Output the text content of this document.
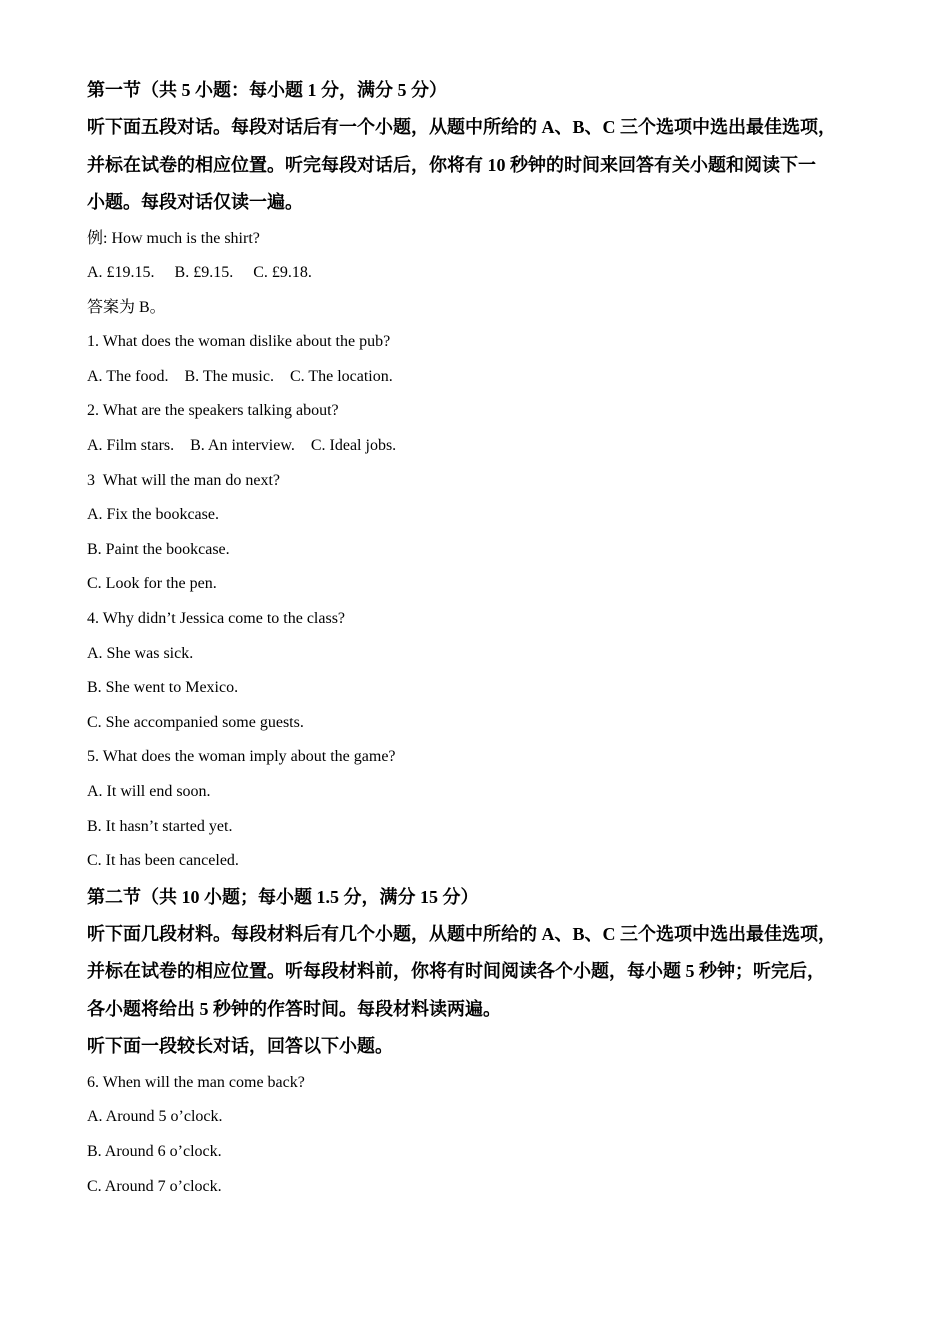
第一节（共 5 小题：每小题 1 分，满分 5 分）

听下面五段对话。每段对话后有一个小题，从题中所给的 A、B、C 三个选项中选出最佳选项，

并标在试卷的相应位置。听完每段对话后，你将有 10 秒钟的时间来回答有关小题和阅读下一

小题。每段对话仅读一遍。

例: How much is the shirt?

A. £19.15.     B. £9.15.     C. £9.18.

答案为 B。

1. What does the woman dislike about the pub?

A. The food.    B. The music.    C. The location.

2. What are the speakers talking about?

A. Film stars.    B. An interview.    C. Ideal jobs.

3  What will the man do next?

A. Fix the bookcase.

B. Paint the bookcase.

C. Look for the pen.

4. Why didn’t Jessica come to the class?

A. She was sick.

B. She went to Mexico.

C. She accompanied some guests.

5. What does the woman imply about the game?

A. It will end soon.

B. It hasn’t started yet.

C. It has been canceled.

第二节（共 10 小题；每小题 1.5 分，满分 15 分）

听下面几段材料。每段材料后有几个小题，从题中所给的 A、B、C 三个选项中选出最佳选项，

并标在试卷的相应位置。听每段材料前，你将有时间阅读各个小题，每小题 5 秒钟；听完后，

各小题将给出 5 秒钟的作答时间。每段材料读两遍。

听下面一段较长对话，回答以下小题。

6. When will the man come back?

A. Around 5 o’clock.

B. Around 6 o’clock.

C. Around 7 o’clock.
